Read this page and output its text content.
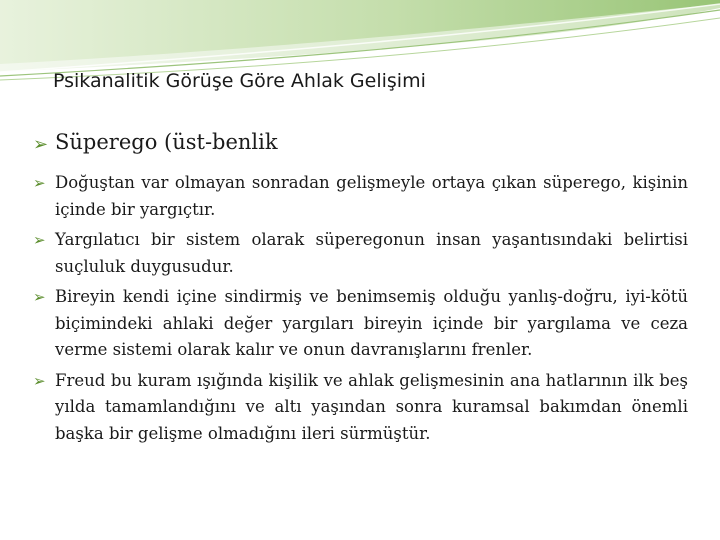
Psikanalitik Görüşe Göre Ahlak Gelişimi
➢ Süperego (üst-benlik
➢ Doğuştan var olmayan sonradan gelişmeyle ortaya çıkan süperego, kişinin içinde bir yargıçtır.
➢ Yargılatıcı bir sistem olarak süperegonun insan yaşantısındaki belirtisi suçluluk duygusudur.
➢ Bireyin kendi içine sindirmiş ve benimsemiş olduğu yanlış-doğru, iyi-kötü biçimindeki ahlaki değer yargıları bireyin içinde bir yargılama ve ceza verme sistemi olarak kalır ve onun davranışlarını frenler.
➢ Freud bu kuram ışığında kişilik ve ahlak gelişmesinin ana hatlarının ilk beş yılda tamamlandığını ve altı yaşından sonra kuramsal bakımdan önemli başka bir gelişme olmadığını ileri sürmüştür.
